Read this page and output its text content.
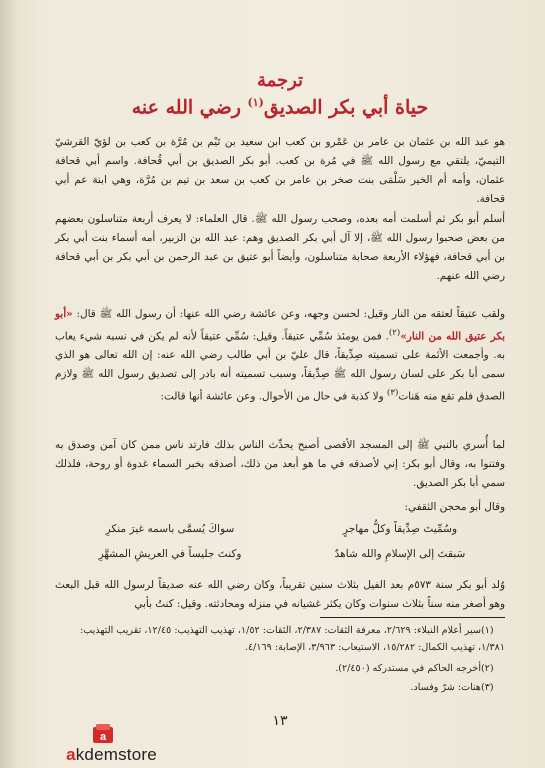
ترجمة
حياة أبي بكر الصديق$^{(١)}$ رضي الله عنه
هو عبد الله بن عثمان بن عامر بن عَمْرو بن كعب ابن سعيد بن تَيْم بن مُرَّة بن كعب بن لؤيّ القرشيّ التيميّ، يلتقي مع رسول الله ﷺ في مُرة بن كعب. أبو بكر الصديق بن أبي قُحافة. واسم أبي قحافة عثمان، وأمه أم الخير سَلْمَى بنت صخر بن عامر بن كعب بن سعد بن تيم بن مُرَّة، وهي ابنة عم أبي قحافة.
أسلم أبو بكر ثم أسلمت أمه بعده، وصحب رسول الله ﷺ. قال العلماء: لا يعرف أربعة متناسلون بعضهم من بعض صحبوا رسول الله ﷺ، إلا آل أبي بكر الصديق وهم: عبد الله بن الزبير، أمه أسماء بنت أبي بكر بن أبي قحافة، فهؤلاء الأربعة صحابة متناسلون، وأيضاً أبو عتيق بن عبد الرحمن بن أبي بكر بن أبي قحافة رضي الله عنهم.
ولقب عتيقاً لعتقه من النار وقيل: لحسن وجهه، وعن عائشة رضي الله عنها: أن رسول الله ﷺ قال: «أبو بكر عتيق الله من النار»$^{(٢)}$. فمن يومئذ سُمِّي عتيقاً. وقيل: سُمِّي عتيقاً لأنه لم يكن في نسبه شيء يعاب به. وأجمعت الأئمة على تسميته صِدِّيقاً، قال عليّ بن أبي طالب رضي الله عنه: إن الله تعالى هو الذي سمى أبا بكر على لسان رسول الله ﷺ صِدِّيقاً، وسبب تسميته أنه بادر إلى تصديق رسول الله ﷺ ولازم الصدق فلم تقع منه هَنات$^{(٣)}$ ولا كذبة في حال من الأحوال. وعن عائشة أنها قالت:
لما أُسري بالنبي ﷺ إلى المسجد الأقصى أصبح يحدِّث الناس بذلك فارتد ناس ممن كان آمن وصدق به وفتنوا به، وقال أبو بكر: إني لأصدقه في ما هو أبعد من ذلك، أصدقه بخبر السماء غدوة أو روحة، فلذلك سمي أبا بكر الصديق.
وقال أبو محجن الثقفي:
وسُمِّيتَ صِدِّيقاً وكلُّ مهاجرٍ
سواكَ يُسمَّى باسمه غيرَ منكرِ
سَبقتَ إلى الإسلامِ والله شاهدٌ
وكنتَ جليساً في العريشِ المشهَّرِ
وُلد أبو بكر سنة ٥٧٣م بعد الفيل بثلاث سنين تقريباً، وكان رضي الله عنه صديقاً لرسول الله قبل البعث وهو أصغر منه سناً بثلاث سنوات وكان يكثر غشيانه في منزله ومحادثته. وقيل: كنتُ بأبي
(١)سير أعلام النبلاء: ٢/٦٢٩، معرفة الثقات: ٢/٣٨٧، الثقات: ١/٥٢، تهذيب التهذيب: ١٢/٤٥، تقريب التهذيب: ١/٣٨١، تهذيب الكمال: ١٥/٢٨٢، الاستيعاب: ٣/٩٦٣، الإصابة: ٤/١٦٩.
(٢)أخرجه الحاكم في مستدركه (٢/٤٥٠).
(٣)هنات: شرّ وفساد.
١٣
a
akdemstore
